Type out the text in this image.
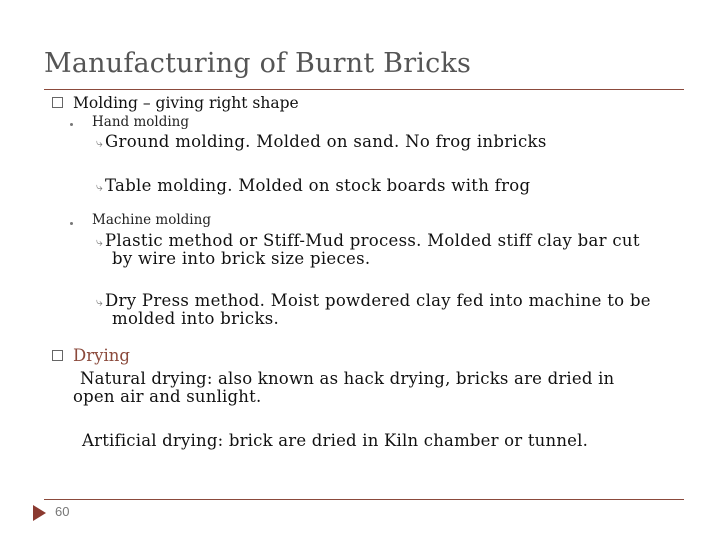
Manufacturing of Burnt Bricks
Molding – giving right shape
Hand molding
⤷ Ground molding. Molded on sand. No frog inbricks
⤷ Table molding. Molded on stock boards with frog
Machine molding
⤷ Plastic method or Stiff-Mud process. Molded stiff clay bar cut
by wire into brick size pieces.
⤷ Dry Press method. Moist powdered clay fed into machine to be
molded into bricks.
Drying
Natural drying: also known as hack drying, bricks are dried in
open air and sunlight.
Artificial drying: brick are dried in Kiln chamber or tunnel.
60
